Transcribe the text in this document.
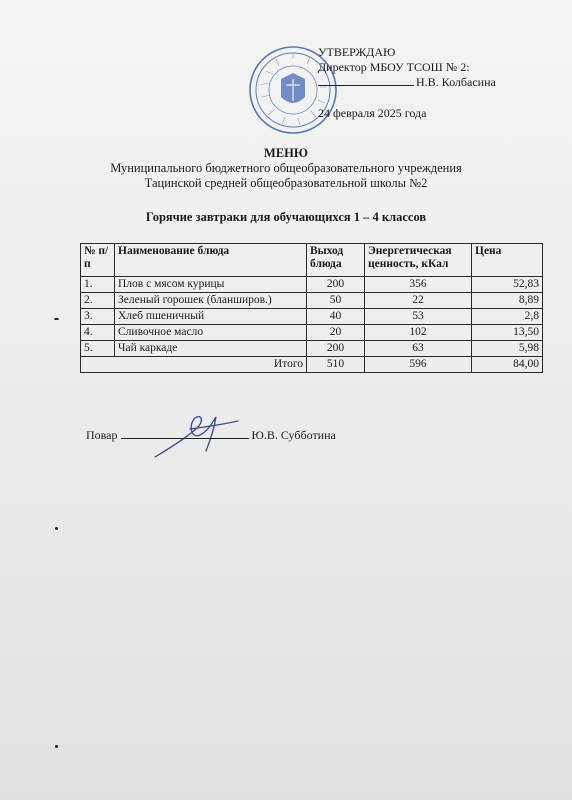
УТВЕРЖДАЮ
Директор МБОУ ТСОШ № 2:
Н.В. Колбасина
24 февраля 2025 года
МЕНЮ
Муниципального бюджетного общеобразовательного учреждения
Тацинской средней общеобразовательной школы №2
Горячие завтраки для обучающихся 1 – 4 классов
№ п/п	Наименование блюда	Выход блюда	Энергетическая ценность, кКал	Цена
1.	Плов с мясом курицы	200	356	52,83
2.	Зеленый горошек (бланширов.)	50	22	8,89
3.	Хлеб пшеничный	40	53	2,8
4.	Сливочное масло	20	102	13,50
5.	Чай каркаде	200	63	5,98
Итого		510	596	84,00
Повар	Ю.В. Субботина
